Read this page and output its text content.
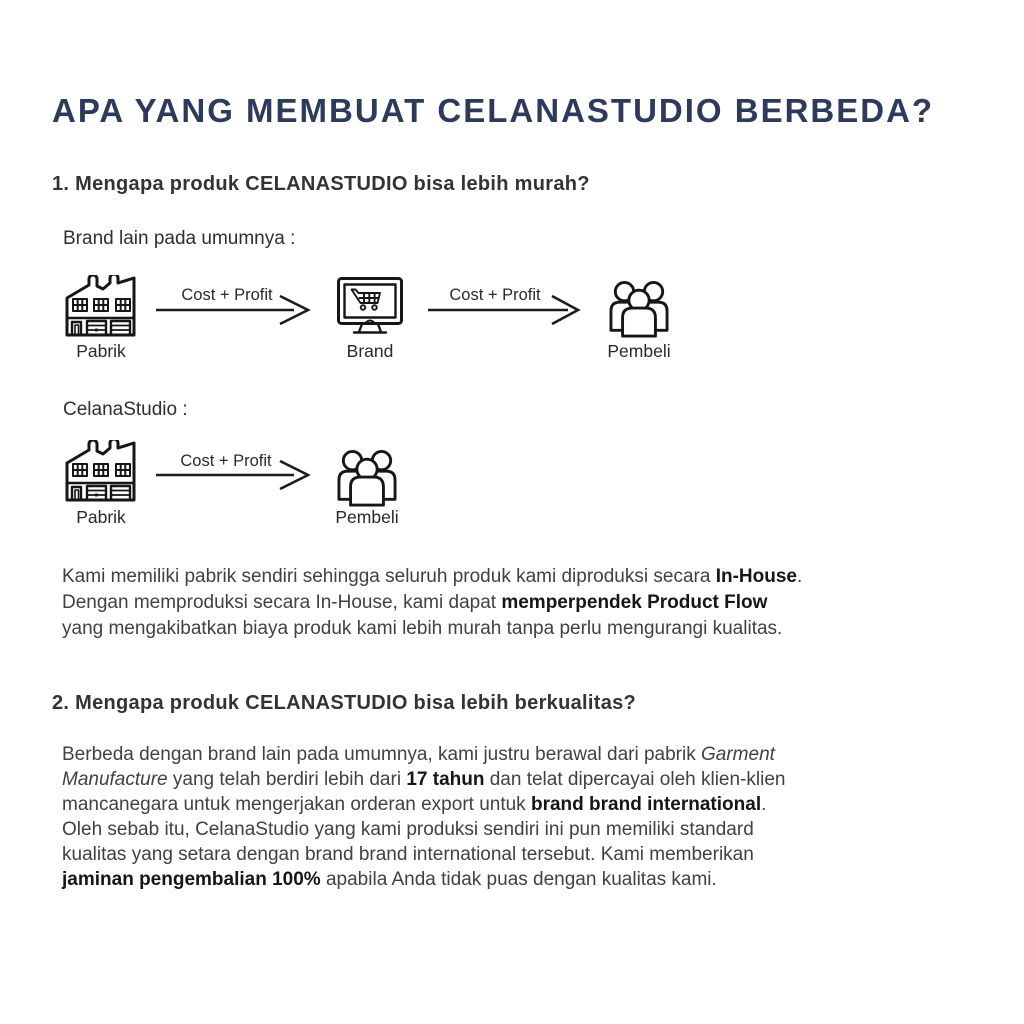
APA YANG MEMBUAT CELANASTUDIO BERBEDA?
1. Mengapa produk CELANASTUDIO bisa lebih murah?
Brand lain pada umumnya :
Pabrik
Cost + Profit
Brand
Cost + Profit
Pembeli
CelanaStudio :
Pabrik
Cost + Profit
Pembeli
Kami memiliki pabrik sendiri sehingga seluruh produk kami diproduksi secara In-House.
Dengan memproduksi secara In-House, kami dapat memperpendek Product Flow
yang mengakibatkan biaya produk kami lebih murah tanpa perlu mengurangi kualitas.
2. Mengapa produk CELANASTUDIO bisa lebih berkualitas?
Berbeda dengan brand lain pada umumnya, kami justru berawal dari pabrik Garment
Manufacture yang telah berdiri lebih dari 17 tahun dan telat dipercayai oleh klien-klien
mancanegara untuk mengerjakan orderan export untuk brand brand international.
Oleh sebab itu, CelanaStudio yang kami produksi sendiri ini pun memiliki standard
kualitas yang setara dengan brand brand international tersebut. Kami memberikan
jaminan pengembalian 100% apabila Anda tidak puas dengan kualitas kami.
